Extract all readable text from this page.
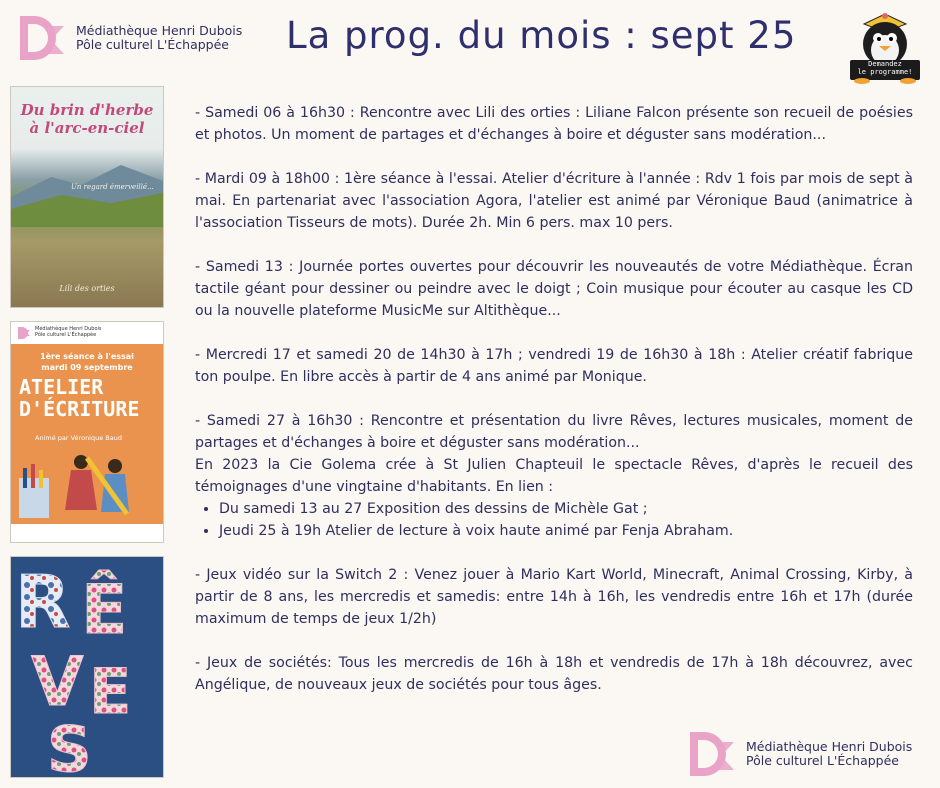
Médiathèque Henri Dubois
Pôle culturel L'Échappée	La prog. du mois : sept 25
Demandez
le programme!
Du brin d'herbe
à l'arc-en-ciel
Un regard émerveillé...
Lili des orties
Médiathèque Henri Dubois
Pôle culturel L'Échappée
1ère séance à l'essai
mardi 09 septembre
ATELIER
D'ÉCRITURE
Animé par Véronique Baud
R Ê
V E
S

- Samedi 06 à 16h30 : Rencontre avec Lili des orties : Liliane Falcon présente son recueil de poésies et photos. Un moment de partages et d'échanges à boire et déguster sans modération...

- Mardi 09 à 18h00 : 1ère séance à l'essai. Atelier d'écriture à l'année : Rdv 1 fois par mois de sept à mai. En partenariat avec l'association Agora, l'atelier est animé par Véronique Baud (animatrice à l'association Tisseurs de mots). Durée 2h. Min 6 pers. max 10 pers.

- Samedi 13 : Journée portes ouvertes pour découvrir les nouveautés de votre Médiathèque. Écran tactile géant pour dessiner ou peindre avec le doigt ; Coin musique pour écouter au casque les CD ou la nouvelle plateforme MusicMe sur Altithèque...

- Mercredi 17 et samedi 20 de 14h30 à 17h ; vendredi 19 de 16h30 à 18h : Atelier créatif fabrique ton poulpe. En libre accès à partir de 4 ans animé par Monique.

- Samedi 27 à 16h30 : Rencontre et présentation du livre Rêves, lectures musicales, moment de partages et d'échanges à boire et déguster sans modération...

En 2023 la Cie Golema crée à St Julien Chapteuil le spectacle Rêves, d'après le recueil des témoignages d'une vingtaine d'habitants. En lien :

• Du samedi 13 au 27 Exposition des dessins de Michèle Gat ;
• Jeudi 25 à 19h Atelier de lecture à voix haute animé par Fenja Abraham.

- Jeux vidéo sur la Switch 2 : Venez jouer à Mario Kart World, Minecraft, Animal Crossing, Kirby, à partir de 8 ans, les mercredis et samedis: entre 14h à 16h, les vendredis entre 16h et 17h (durée maximum de temps de jeux 1/2h)

- Jeux de sociétés: Tous les mercredis de 16h à 18h et vendredis de 17h à 18h découvrez, avec Angélique, de nouveaux jeux de sociétés pour tous âges.

Médiathèque Henri Dubois
Pôle culturel L'Échappée
